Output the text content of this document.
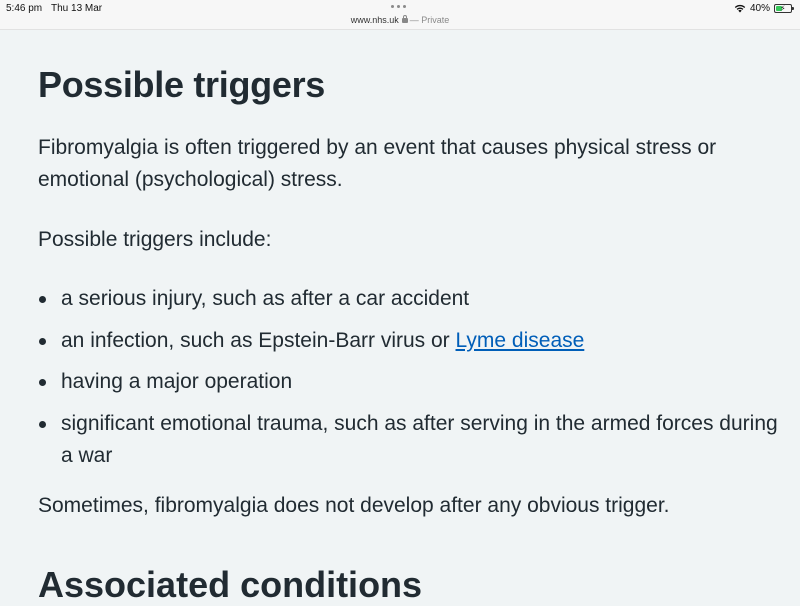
5:46 pm Thu 13 Mar
www.nhs.uk — Private
40% ⚡
Possible triggers

Fibromyalgia is often triggered by an event that causes physical stress or emotional (psychological) stress.

Possible triggers include:

a serious injury, such as after a car accident
an infection, such as Epstein-Barr virus or Lyme disease
having a major operation
significant emotional trauma, such as after serving in the armed forces during a war

Sometimes, fibromyalgia does not develop after any obvious trigger.

Associated conditions
